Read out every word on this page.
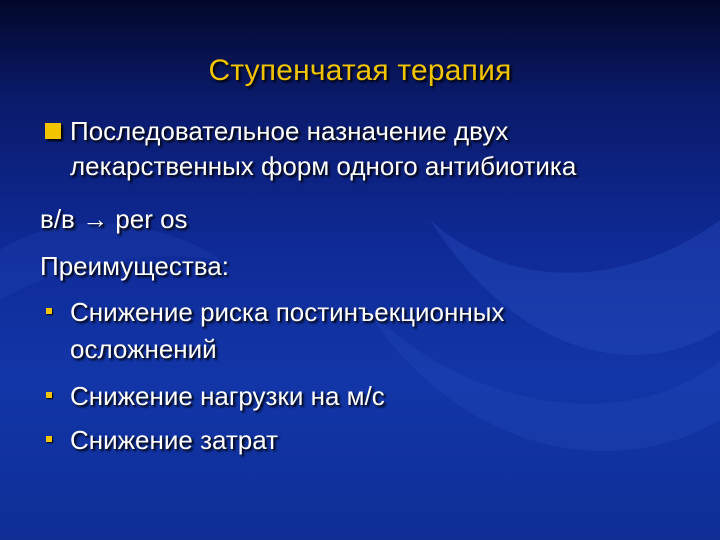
Ступенчатая терапия
Последовательное назначение двух
лекарственных форм одного антибиотика
в/в → per os
Преимущества:
Снижение риска постинъекционных
осложнений
Снижение нагрузки на м/с
Снижение затрат
